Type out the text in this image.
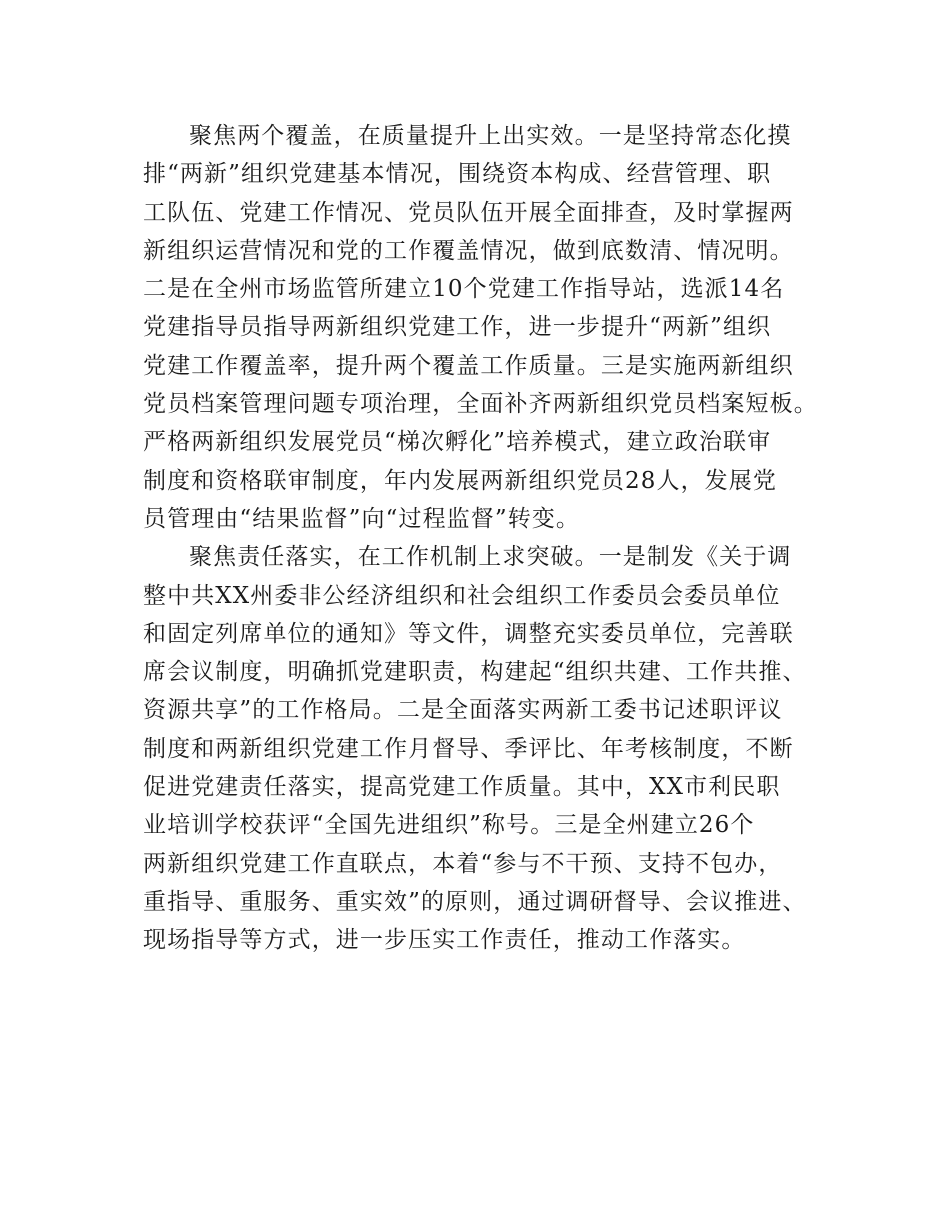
聚焦两个覆盖，在质量提升上出实效。一是坚持常态化摸
排“两新”组织党建基本情况，围绕资本构成、经营管理、职
工队伍、党建工作情况、党员队伍开展全面排查，及时掌握两
新组织运营情况和党的工作覆盖情况，做到底数清、情况明。
二是在全州市场监管所建立10个党建工作指导站，选派14名
党建指导员指导两新组织党建工作，进一步提升“两新”组织
党建工作覆盖率，提升两个覆盖工作质量。三是实施两新组织
党员档案管理问题专项治理，全面补齐两新组织党员档案短板。
严格两新组织发展党员“梯次孵化”培养模式，建立政治联审
制度和资格联审制度，年内发展两新组织党员28人，发展党
员管理由“结果监督”向“过程监督”转变。
聚焦责任落实，在工作机制上求突破。一是制发《关于调
整中共XX州委非公经济组织和社会组织工作委员会委员单位
和固定列席单位的通知》等文件，调整充实委员单位，完善联
席会议制度，明确抓党建职责，构建起“组织共建、工作共推、
资源共享”的工作格局。二是全面落实两新工委书记述职评议
制度和两新组织党建工作月督导、季评比、年考核制度，不断
促进党建责任落实，提高党建工作质量。其中，XX市利民职
业培训学校获评“全国先进组织”称号。三是全州建立26个
两新组织党建工作直联点，本着“参与不干预、支持不包办，
重指导、重服务、重实效”的原则，通过调研督导、会议推进、
现场指导等方式，进一步压实工作责任，推动工作落实。
